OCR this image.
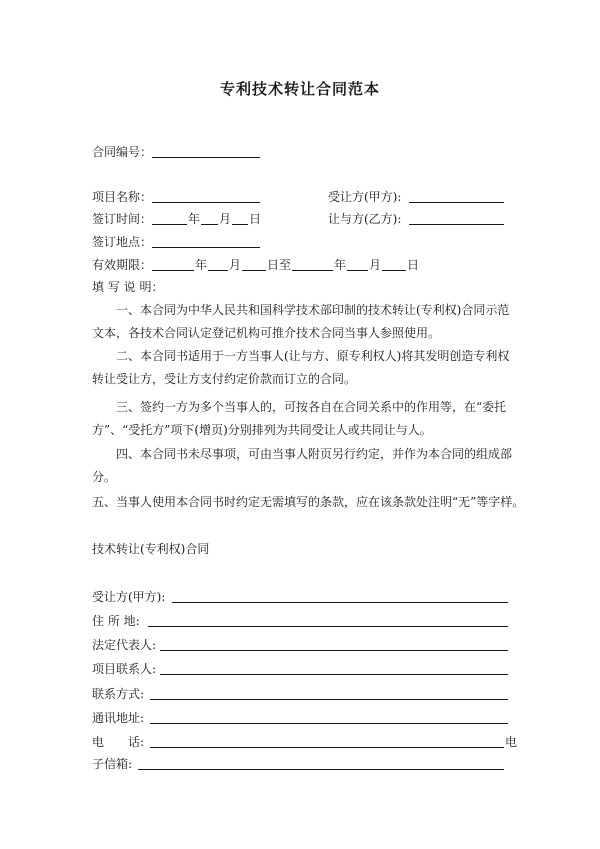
专利技术转让合同范本
合同编号：
项目名称：	受让方(甲方):
签订时间：	年 月 日	让与方(乙方):
签订地点：
有效期限：	年 月 日至	年 月 日
填 写 说 明：
一、本合同为中华人民共和国科学技术部印制的技术转让(专利权)合同示范文本，各技术合同认定登记机构可推介技术合同当事人参照使用。
二、本合同书适用于一方当事人(让与方、原专利权人)将其发明创造专利权转让受让方，受让方支付约定价款而订立的合同。
三、签约一方为多个当事人的，可按各自在合同关系中的作用等，在“委托方”、“受托方”项下(增页)分别排列为共同受让人或共同让与人。
四、本合同书未尽事项，可由当事人附页另行约定，并作为本合同的组成部分。
五、当事人使用本合同书时约定无需填写的条款，应在该条款处注明“无”等字样。
技术转让(专利权)合同
受让方(甲方):
住 所 地:
法定代表人:
项目联系人:
联系方式:
通讯地址:
电 话:	电
子信箱:
